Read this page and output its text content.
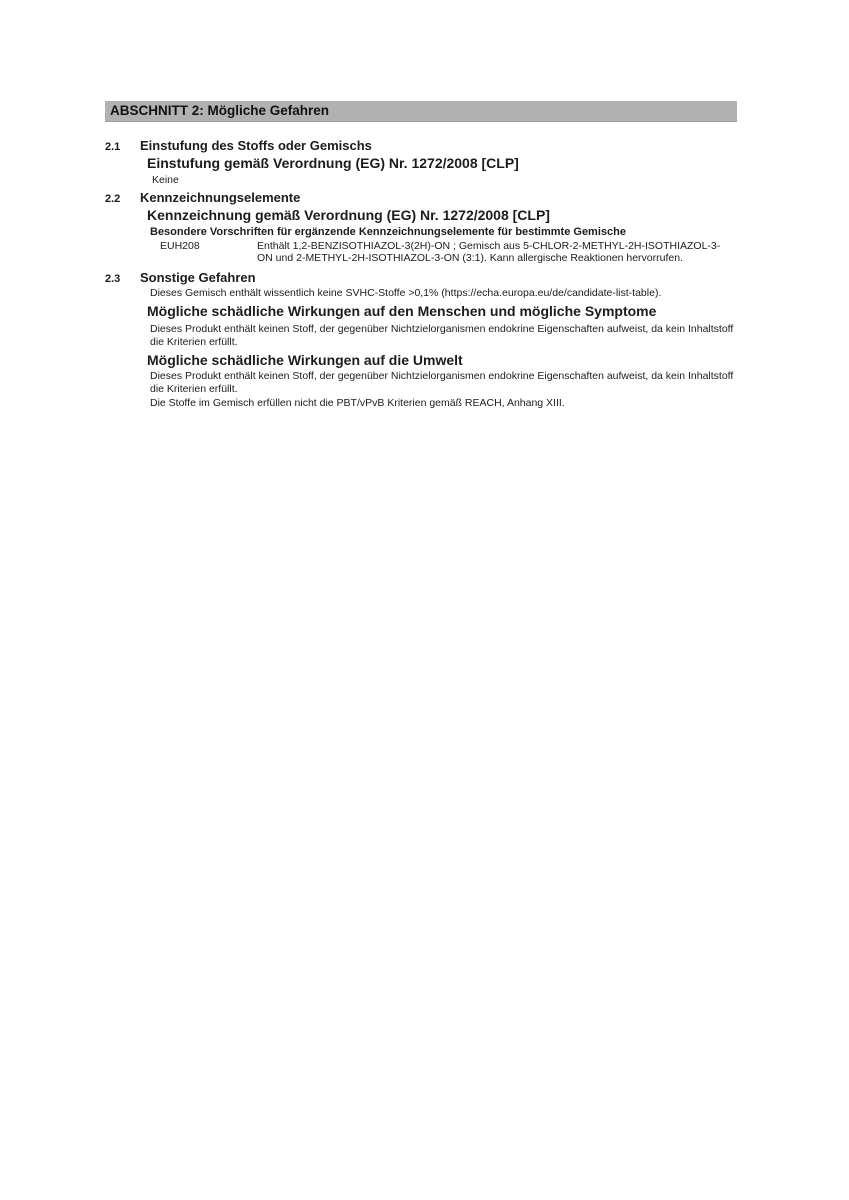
ABSCHNITT 2: Mögliche Gefahren
2.1	Einstufung des Stoffs oder Gemischs
Einstufung gemäß Verordnung (EG) Nr. 1272/2008 [CLP]
Keine
2.2	Kennzeichnungselemente
Kennzeichnung gemäß Verordnung (EG) Nr. 1272/2008 [CLP]
Besondere Vorschriften für ergänzende Kennzeichnungselemente für bestimmte Gemische
EUH208	Enthält 1,2-BENZISOTHIAZOL-3(2H)-ON ; Gemisch aus 5-CHLOR-2-METHYL-2H-ISOTHIAZOL-3-ON und 2-METHYL-2H-ISOTHIAZOL-3-ON (3:1). Kann allergische Reaktionen hervorrufen.
2.3	Sonstige Gefahren
Dieses Gemisch enthält wissentlich keine SVHC-Stoffe >0,1% (https://echa.europa.eu/de/candidate-list-table).
Mögliche schädliche Wirkungen auf den Menschen und mögliche Symptome
Dieses Produkt enthält keinen Stoff, der gegenüber Nichtzielorganismen endokrine Eigenschaften aufweist, da kein Inhaltstoff die Kriterien erfüllt.
Mögliche schädliche Wirkungen auf die Umwelt
Dieses Produkt enthält keinen Stoff, der gegenüber Nichtzielorganismen endokrine Eigenschaften aufweist, da kein Inhaltstoff die Kriterien erfüllt.
Die Stoffe im Gemisch erfüllen nicht die PBT/vPvB Kriterien gemäß REACH, Anhang XIII.
